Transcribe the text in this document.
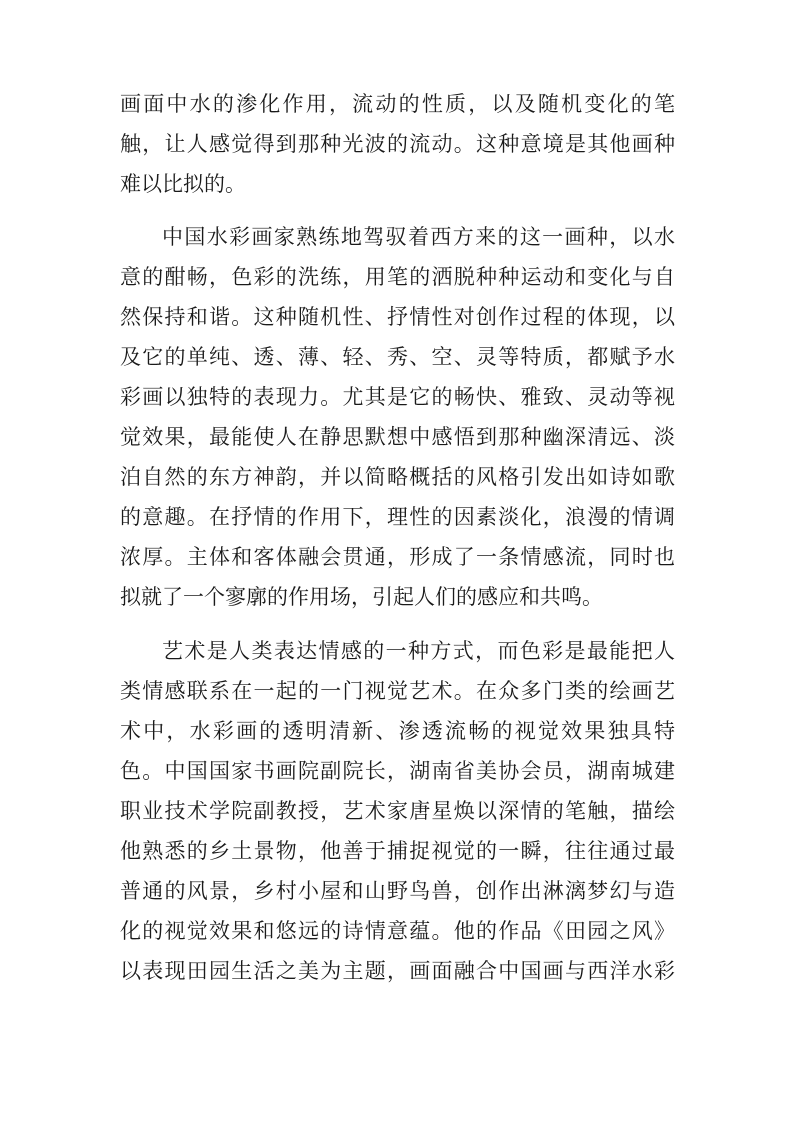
画面中水的渗化作用，流动的性质，以及随机变化的笔
触，让人感觉得到那种光波的流动。这种意境是其他画种
难以比拟的。
中国水彩画家熟练地驾驭着西方来的这一画种，以水
意的酣畅，色彩的洗练，用笔的洒脱种种运动和变化与自
然保持和谐。这种随机性、抒情性对创作过程的体现，以
及它的单纯、透、薄、轻、秀、空、灵等特质，都赋予水
彩画以独特的表现力。尤其是它的畅快、雅致、灵动等视
觉效果，最能使人在静思默想中感悟到那种幽深清远、淡
泊自然的东方神韵，并以简略概括的风格引发出如诗如歌
的意趣。在抒情的作用下，理性的因素淡化，浪漫的情调
浓厚。主体和客体融会贯通，形成了一条情感流，同时也
拟就了一个寥廓的作用场，引起人们的感应和共鸣。
艺术是人类表达情感的一种方式，而色彩是最能把人
类情感联系在一起的一门视觉艺术。在众多门类的绘画艺
术中，水彩画的透明清新、渗透流畅的视觉效果独具特
色。中国国家书画院副院长，湖南省美协会员，湖南城建
职业技术学院副教授，艺术家唐星焕以深情的笔触，描绘
他熟悉的乡土景物，他善于捕捉视觉的一瞬，往往通过最
普通的风景，乡村小屋和山野鸟兽，创作出淋漓梦幻与造
化的视觉效果和悠远的诗情意蕴。他的作品《田园之风》
以表现田园生活之美为主题，画面融合中国画与西洋水彩
